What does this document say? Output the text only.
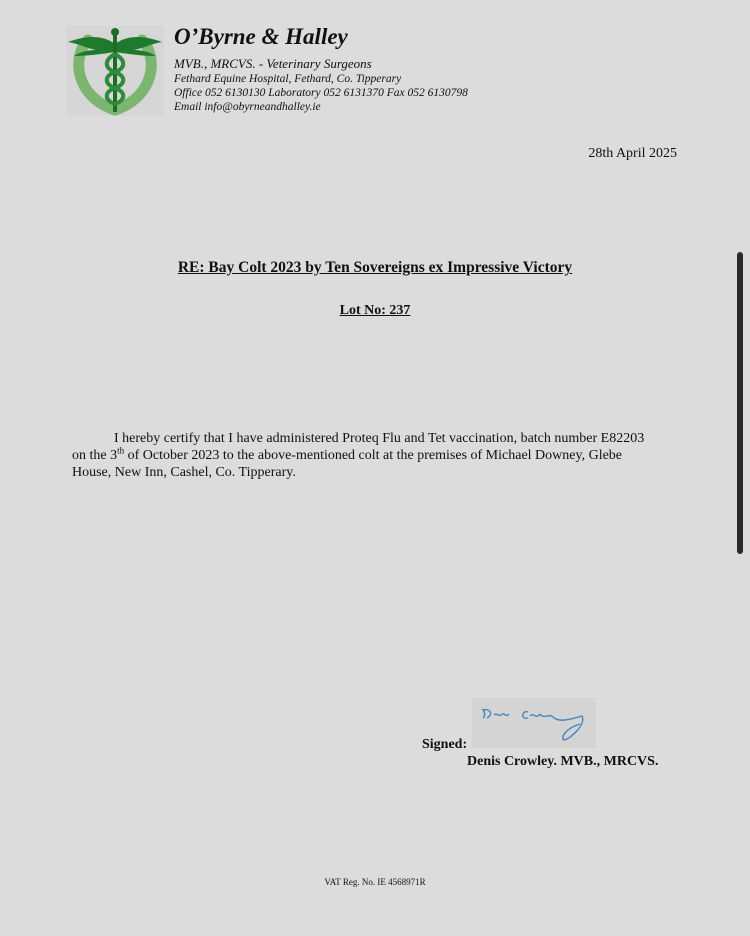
O’Byrne & Halley
MVB., MRCVS. - Veterinary Surgeons
Fethard Equine Hospital, Fethard, Co. Tipperary
Office 052 6130130 Laboratory 052 6131370 Fax 052 6130798
Email info@obyrneandhalley.ie
28th April 2025
RE: Bay Colt 2023 by Ten Sovereigns ex Impressive Victory
Lot No: 237
I hereby certify that I have administered Proteq Flu and Tet vaccination, batch number E82203
on the 3th of October 2023 to the above-mentioned colt at the premises of Michael Downey, Glebe
House, New Inn, Cashel, Co. Tipperary.
Signed:
Denis Crowley. MVB., MRCVS.
VAT Reg. No. IE 4568971R
